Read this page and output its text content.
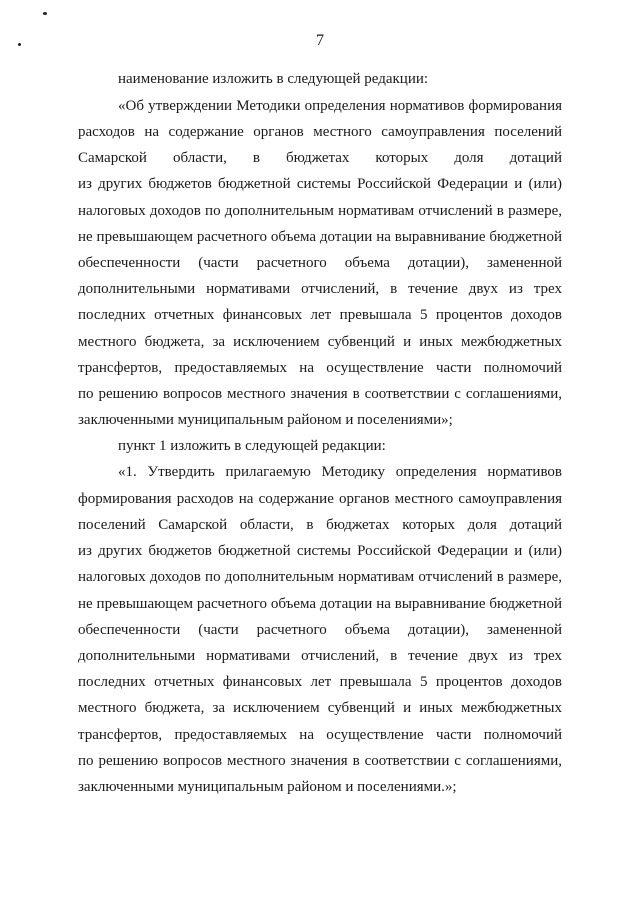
7
наименование изложить в следующей редакции:
«Об утверждении Методики определения нормативов формирования
расходов на содержание органов местного самоуправления поселений
Самарской области, в бюджетах которых доля дотаций
из других бюджетов бюджетной системы Российской Федерации и (или)
налоговых доходов по дополнительным нормативам отчислений в размере,
не превышающем расчетного объема дотации на выравнивание бюджетной
обеспеченности (части расчетного объема дотации), замененной
дополнительными нормативами отчислений, в течение двух из трех
последних отчетных финансовых лет превышала 5 процентов доходов
местного бюджета, за исключением субвенций и иных межбюджетных
трансфертов, предоставляемых на осуществление части полномочий
по решению вопросов местного значения в соответствии с соглашениями,
заключенными муниципальным районом и поселениями»;
пункт 1 изложить в следующей редакции:
«1. Утвердить прилагаемую Методику определения нормативов
формирования расходов на содержание органов местного самоуправления
поселений Самарской области, в бюджетах которых доля дотаций
из других бюджетов бюджетной системы Российской Федерации и (или)
налоговых доходов по дополнительным нормативам отчислений в размере,
не превышающем расчетного объема дотации на выравнивание бюджетной
обеспеченности (части расчетного объема дотации), замененной
дополнительными нормативами отчислений, в течение двух из трех
последних отчетных финансовых лет превышала 5 процентов доходов
местного бюджета, за исключением субвенций и иных межбюджетных
трансфертов, предоставляемых на осуществление части полномочий
по решению вопросов местного значения в соответствии с соглашениями,
заключенными муниципальным районом и поселениями.»;
